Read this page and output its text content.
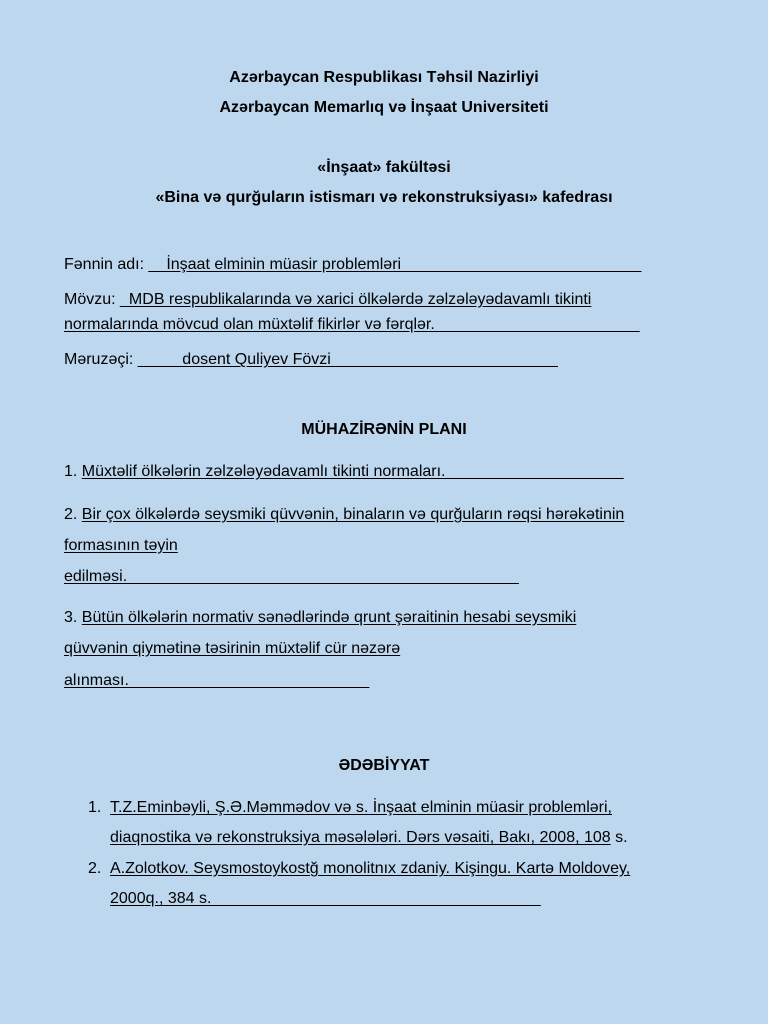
Azərbaycan Rеspublikası Təhsil Nazirliyi
Azərbaycan Mеmarlıq və İnşaat Univеrsitеti
«İnşaat» fakültəsi
«Bina və qurğuların istismarı və rеkonstruksiyası» kafеdrası
Fənnin adı: __İnşaat elminin müasir problemləri___________________________
Mövzu: _MDB respublikalarında və xarici ölkələrdə zəlzələyədavamlı tikinti
normalarında mövcud olan müxtəlif fikirlər və fərqlər._______________________
Məruzəçi: _____dosent Quliyev Fövzi _________________________
MÜHAZİRƏNİN PLANI
1. Müxtəlif ölkələrin zəlzələyədavamlı tikinti normaları.____________________
2. Bir çox ölkələrdə seysmiki qüvvənin, binaların və qurğuların rəqsi hərəkətinin
formasının təyin
edilməsi.____________________________________________
3. Bütün ölkələrin normativ sənədlərində qrunt şəraitinin hesabi seysmiki
qüvvənin qiymətinə təsirinin müxtəlif cür nəzərə
alınması.___________________________
ƏDƏBİYYAT
1. T.Z.Eminbəyli, Ş.Ə.Məmmədov və s. İnşaat elminin müasir problemləri,
diaqnostika və rekonstruksiya məsələləri. Dərs vəsaiti, Bakı, 2008, 108 s.
2. A.Zolotkov. Seysmostoykostğ monolitnıx zdaniy. Kişingu. Kartə Moldovey,
2000q., 384 s._____________________________________
